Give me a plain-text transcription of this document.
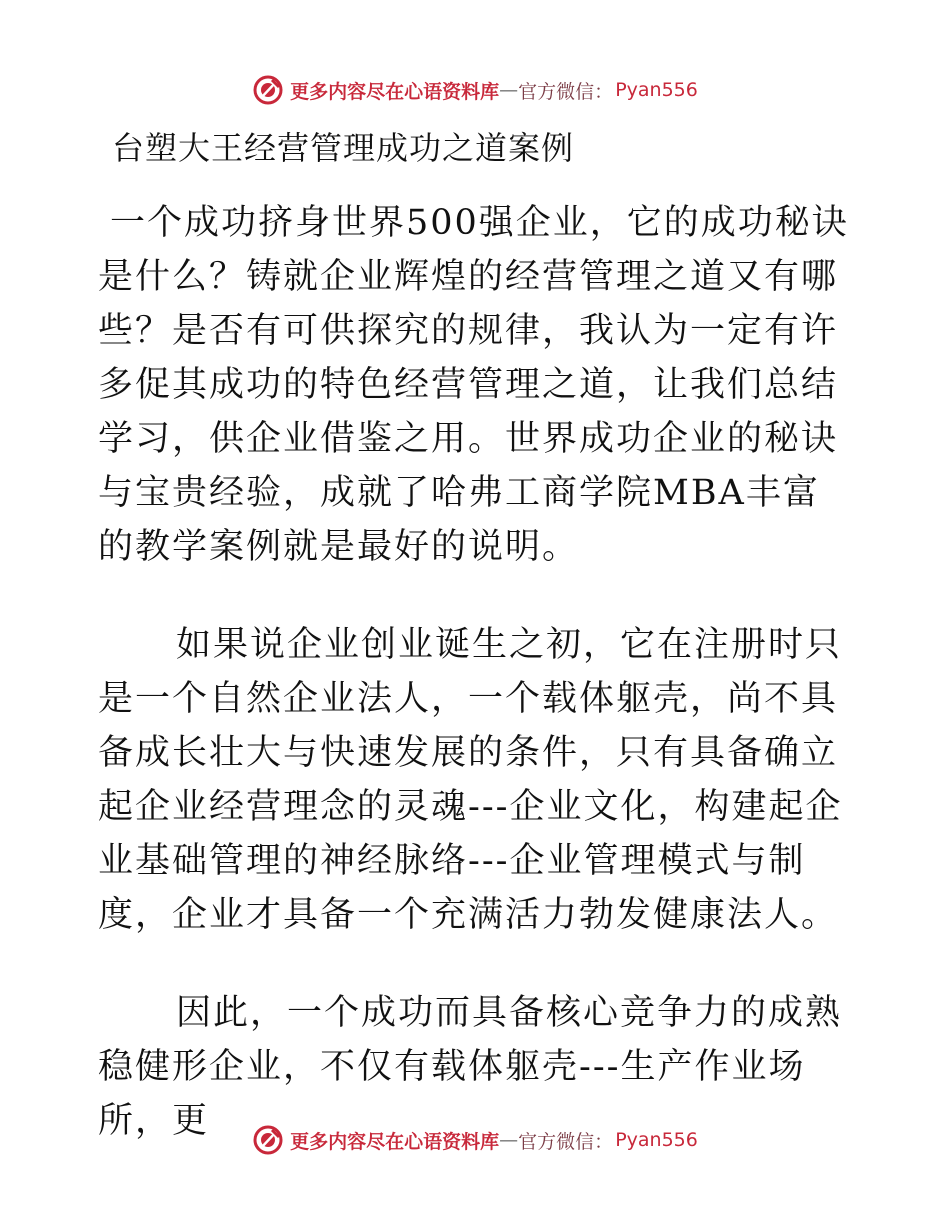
更多内容尽在心语资料库 — 官方微信： Pyan556
台塑大王经营管理成功之道案例

一个成功挤身世界500强企业，它的成功秘诀是什么？铸就企业辉煌的经营管理之道又有哪些？是否有可供探究的规律，我认为一定有许多促其成功的特色经营管理之道，让我们总结学习，供企业借鉴之用。世界成功企业的秘诀与宝贵经验，成就了哈弗工商学院MBA丰富的教学案例就是最好的说明。

如果说企业创业诞生之初，它在注册时只是一个自然企业法人，一个载体躯壳，尚不具备成长壮大与快速发展的条件，只有具备确立起企业经营理念的灵魂---企业文化，构建起企业基础管理的神经脉络---企业管理模式与制度，企业才具备一个充满活力勃发健康法人。

因此，一个成功而具备核心竞争力的成熟稳健形企业，不仅有载体躯壳---生产作业场所，更

更多内容尽在心语资料库 — 官方微信： Pyan556
